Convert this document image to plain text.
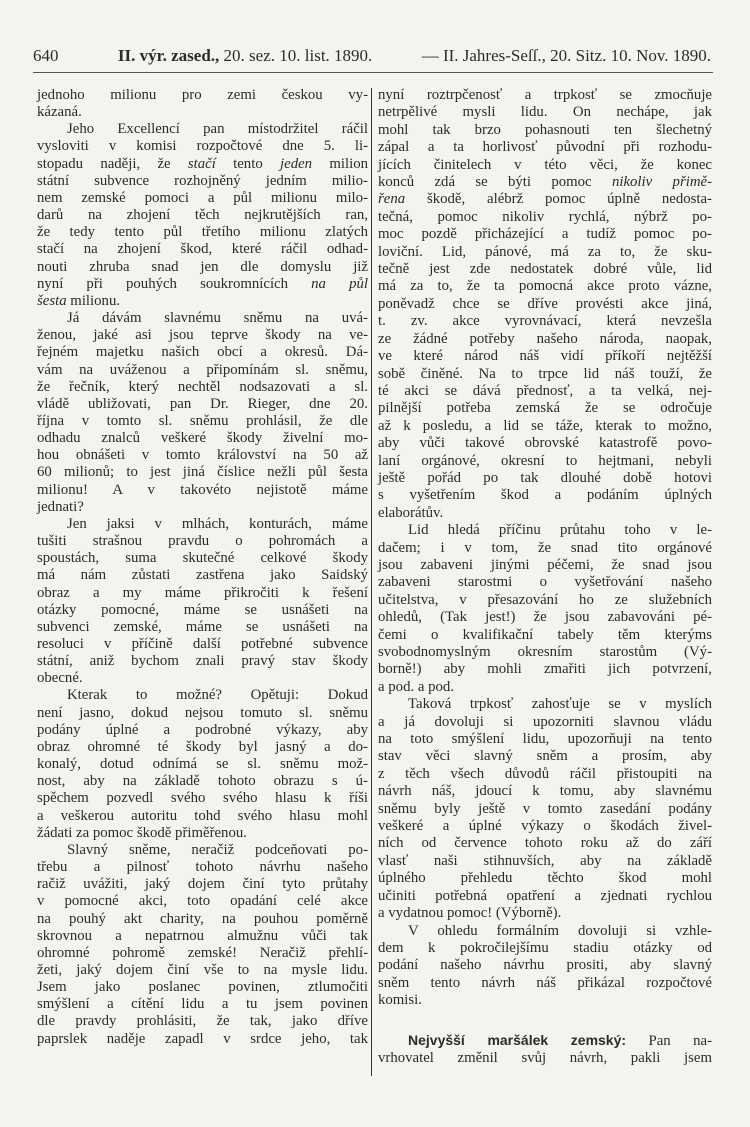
640	II. výr. zased., 20. sez. 10. list. 1890.	— II. Jahres-Seſſ., 20. Sitz. 10. Nov. 1890.
jednoho milionu pro zemi českou vy-
kázaná.
Jeho Excellencí pan místodržitel ráčil
vysloviti v komisi rozpočtové dne 5. li-
stopadu naději, že stačí tento jeden milion
státní subvence rozhojněný jedním milio-
nem zemské pomoci a půl milionu milo-
darů na zhojení těch nejkrutějších ran,
že tedy tento půl třetího milionu zlatých
stačí na zhojení škod, které ráčil odhad-
nouti zhruba snad jen dle domyslu již
nyní při pouhých soukromnících na půl
šesta milionu.
Já dávám slavnému sněmu na uvá-
ženou, jaké asi jsou teprve škody na ve-
řejném majetku našich obcí a okresů. Dá-
vám na uváženou a připomínám sl. sněmu,
že řečník, který nechtěl nodsazovati a sl.
vládě ubližovati, pan Dr. Rieger, dne 20.
října v tomto sl. sněmu prohlásil, že dle
odhadu znalců veškeré škody živelní mo-
hou obnášeti v tomto království na 50 až
60 milionů; to jest jiná číslice nežli půl šesta
milionu! A v takovéto nejistotě máme
jednati?
Jen jaksi v mlhách, konturách, máme
tušiti strašnou pravdu o pohromách a
spoustách, suma skutečné celkové škody
má nám zůstati zastřena jako Saidský
obraz a my máme přikročiti k řešení
otázky pomocné, máme se usnášeti na
subvenci zemské, máme se usnášeti na
resoluci v příčině další potřebné subvence
státní, aniž bychom znali pravý stav škody
obecné.
Kterak to možné? Opětuji: Dokud
není jasno, dokud nejsou tomuto sl. sněmu
podány úplné a podrobné výkazy, aby
obraz ohromné té škody byl jasný a do-
konalý, dotud odnímá se sl. sněmu mož-
nost, aby na základě tohoto obrazu s ú-
spěchem pozvedl svého svého hlasu k říši
a veškerou autoritu tohd svého hlasu mohl
žádati za pomoc škodě přiměřenou.
Slavný sněme, neračiž podceňovati po-
třebu a pilnosť tohoto návrhu našeho
račiž uvážiti, jaký dojem činí tyto průtahy
v pomocné akci, toto opadání celé akce
na pouhý akt charity, na pouhou poměrně
skrovnou a nepatrnou almužnu vůči tak
ohromné pohromě zemské! Neračiž přehlí-
žeti, jaký dojem činí vše to na mysle lidu.
Jsem jako poslanec povinen, ztlumočiti
smýšlení a cítění lidu a tu jsem povinen
dle pravdy prohlásiti, že tak, jako dříve
paprslek naděje zapadl v srdce jeho, tak
nyní roztrpčenosť a trpkosť se zmocňuje
netrpělivé mysli lidu. On nechápe, jak
mohl tak brzo pohasnouti ten šlechetný
zápal a ta horlivosť původní při rozhodu-
jících činitelech v této věci, že konec
konců zdá se býti pomoc nikoliv přimě-
řena škodě, alébrž pomoc úplně nedosta-
tečná, pomoc nikoliv rychlá, nýbrž po-
moc pozdě přicházející a tudíž pomoc po-
loviční. Lid, pánové, má za to, že sku-
tečně jest zde nedostatek dobré vůle, lid
má za to, že ta pomocná akce proto vázne,
poněvadž chce se dříve provésti akce jiná,
t. zv. akce vyrovnávací, která nevzešla
ze žádné potřeby našeho národa, naopak,
ve které národ náš vidí příkoří nejtěžší
sobě činěné. Na to trpce lid náš touží, že
té akci se dává přednosť, a ta velká, nej-
pilnější potřeba zemská že se odročuje
až k posledu, a lid se táže, kterak to možno,
aby vůči takové obrovské katastrofě povo-
laní orgánové, okresní to hejtmani, nebyli
ještě pořád po tak dlouhé době hotovi
s vyšetřením škod a podáním úplných
elaborátův.
Lid hledá příčinu průtahu toho v le-
dačem; i v tom, že snad tito orgánové
jsou zabaveni jinými péčemi, že snad jsou
zabaveni starostmi o vyšetřování našeho
učitelstva, v přesazování ho ze služebních
ohledů, (Tak jest!) že jsou zabavováni pé-
čemi o kvalifikační tabely těm kterýms
svobodnomyslným okresním starostům (Vý-
borně!) aby mohli zmařiti jich potvrzení,
a pod. a pod.
Taková trpkosť zahosťuje se v myslích
a já dovoluji si upozorniti slavnou vládu
na toto smýšlení lidu, upozorňuji na tento
stav věci slavný sněm a prosím, aby
z těch všech důvodů ráčil přistoupiti na
návrh náš, jdoucí k tomu, aby slavnému
sněmu byly ještě v tomto zasedání podány
veškeré a úplné výkazy o škodách živel-
ních od července tohoto roku až do září
vlasť naši stihnuvších, aby na základě
úplného přehledu těchto škod mohl
učiniti potřebná opatření a zjednati rychlou
a vydatnou pomoc! (Výborně).
V ohledu formálním dovoluji si vzhle-
dem k pokročilejšímu stadiu otázky od
podání našeho návrhu prositi, aby slavný
sněm tento návrh náš přikázal rozpočtové
komisi.
Nejvyšší maršálek zemský: Pan na-
vrhovatel změnil svůj návrh, pakli jsem
